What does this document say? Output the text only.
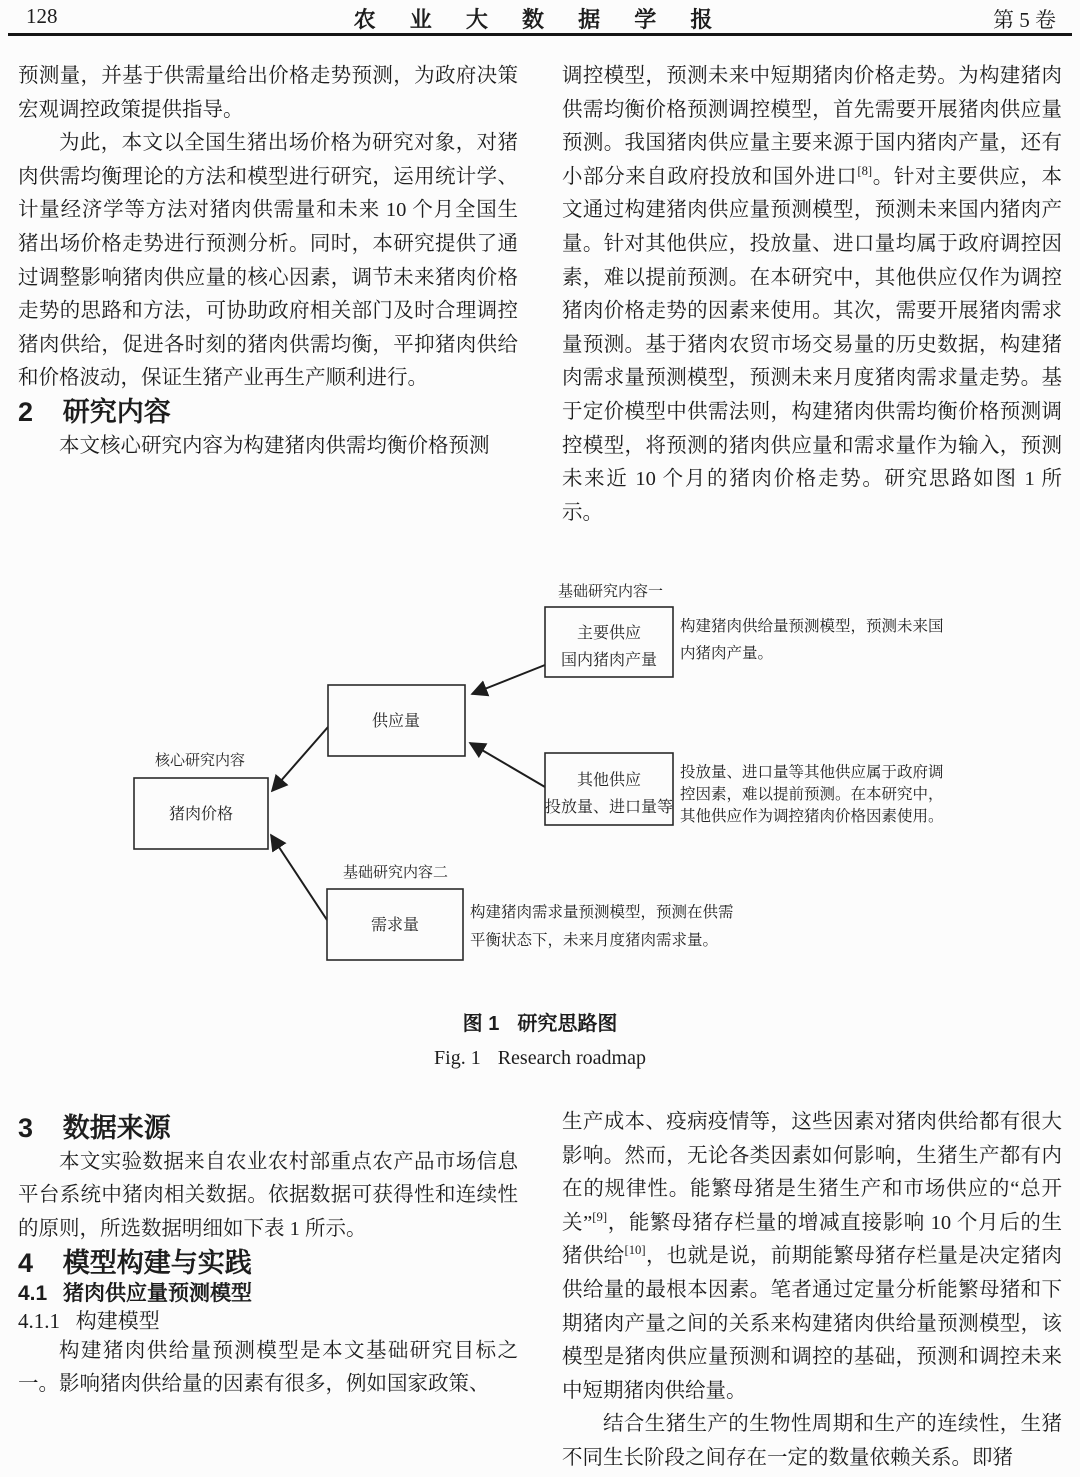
128	农 业 大 数 据 学 报	第 5 卷

预测量，并基于供需量给出价格走势预测，为政府决策宏观调控政策提供指导。

为此，本文以全国生猪出场价格为研究对象，对猪肉供需均衡理论的方法和模型进行研究，运用统计学、计量经济学等方法对猪肉供需量和未来 10 个月全国生猪出场价格走势进行预测分析。同时，本研究提供了通过调整影响猪肉供应量的核心因素，调节未来猪肉价格走势的思路和方法，可协助政府相关部门及时合理调控猪肉供给，促进各时刻的猪肉供需均衡，平抑猪肉供给和价格波动，保证生猪产业再生产顺利进行。

2 研究内容

本文核心研究内容为构建猪肉供需均衡价格预测

调控模型，预测未来中短期猪肉价格走势。为构建猪肉供需均衡价格预测调控模型，首先需要开展猪肉供应量预测。我国猪肉供应量主要来源于国内猪肉产量，还有小部分来自政府投放和国外进口[8]。针对主要供应，本文通过构建猪肉供应量预测模型，预测未来国内猪肉产量。针对其他供应，投放量、进口量均属于政府调控因素，难以提前预测。在本研究中，其他供应仅作为调控猪肉价格走势的因素来使用。其次，需要开展猪肉需求量预测。基于猪肉农贸市场交易量的历史数据，构建猪肉需求量预测模型，预测未来月度猪肉需求量走势。基于定价模型中供需法则，构建猪肉供需均衡价格预测调控模型，将预测的猪肉供应量和需求量作为输入，预测未来近 10 个月的猪肉价格走势。研究思路如图 1 所示。

基础研究内容一
主要供应
国内猪肉产量
构建猪肉供给量预测模型，预测未来国
内猪肉产量。
供应量
核心研究内容
猪肉价格
其他供应
投放量、进口量等
投放量、进口量等其他供应属于政府调
控因素，难以提前预测。在本研究中，
其他供应作为调控猪肉价格因素使用。
基础研究内容二
需求量
构建猪肉需求量预测模型，预测在供需
平衡状态下，未来月度猪肉需求量。
图 1 研究思路图
Fig. 1 Research roadmap

3 数据来源

本文实验数据来自农业农村部重点农产品市场信息平台系统中猪肉相关数据。依据数据可获得性和连续性的原则，所选数据明细如下表 1 所示。

4 模型构建与实践

4.1 猪肉供应量预测模型

4.1.1 构建模型

构建猪肉供给量预测模型是本文基础研究目标之一。影响猪肉供给量的因素有很多，例如国家政策、

生产成本、疫病疫情等，这些因素对猪肉供给都有很大影响。然而，无论各类因素如何影响，生猪生产都有内在的规律性。能繁母猪是生猪生产和市场供应的“总开关”[9]，能繁母猪存栏量的增减直接影响 10 个月后的生猪供给[10]，也就是说，前期能繁母猪存栏量是决定猪肉供给量的最根本因素。笔者通过定量分析能繁母猪和下期猪肉产量之间的关系来构建猪肉供给量预测模型，该模型是猪肉供应量预测和调控的基础，预测和调控未来中短期猪肉供给量。

结合生猪生产的生物性周期和生产的连续性，生猪不同生长阶段之间存在一定的数量依赖关系。即猪
